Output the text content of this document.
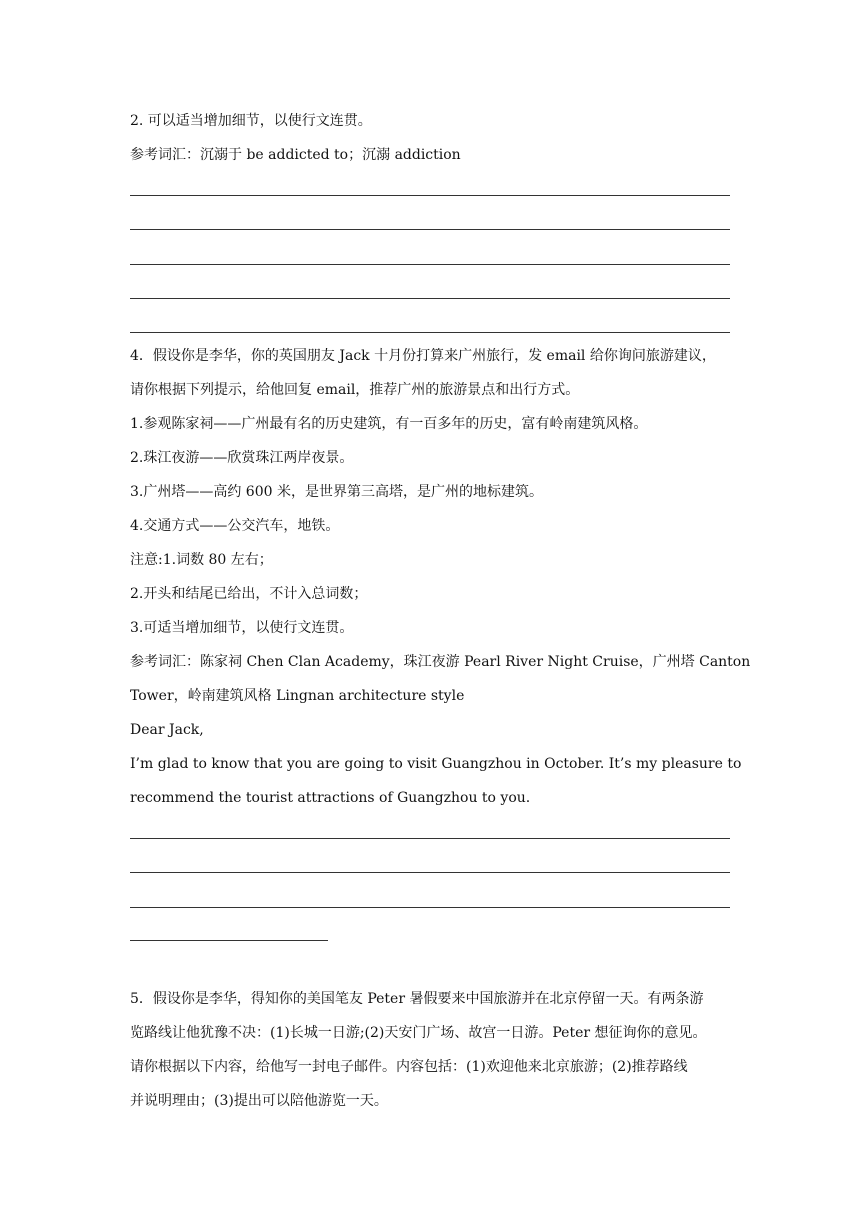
2. 可以适当增加细节，以使行文连贯。
参考词汇：沉溺于 be addicted to；沉溺 addiction
4．假设你是李华，你的英国朋友 Jack 十月份打算来广州旅行，发 email 给你询问旅游建议，
请你根据下列提示，给他回复 email，推荐广州的旅游景点和出行方式。
1.参观陈家祠——广州最有名的历史建筑，有一百多年的历史，富有岭南建筑风格。
2.珠江夜游——欣赏珠江两岸夜景。
3.广州塔——高约 600 米，是世界第三高塔，是广州的地标建筑。
4.交通方式——公交汽车，地铁。
注意:1.词数 80 左右；
2.开头和结尾已给出，不计入总词数；
3.可适当增加细节，以使行文连贯。
参考词汇：陈家祠 Chen Clan Academy，珠江夜游 Pearl River Night Cruise，广州塔 Canton
Tower，岭南建筑风格 Lingnan architecture style
Dear Jack,
I’m glad to know that you are going to visit Guangzhou in October. It’s my pleasure to
recommend the tourist attractions of Guangzhou to you.
5．假设你是李华，得知你的美国笔友 Peter 暑假要来中国旅游并在北京停留一天。有两条游
览路线让他犹豫不决：(1)长城一日游;(2)天安门广场、故宫一日游。Peter 想征询你的意见。
请你根据以下内容，给他写一封电子邮件。内容包括：(1)欢迎他来北京旅游；(2)推荐路线
并说明理由；(3)提出可以陪他游览一天。
